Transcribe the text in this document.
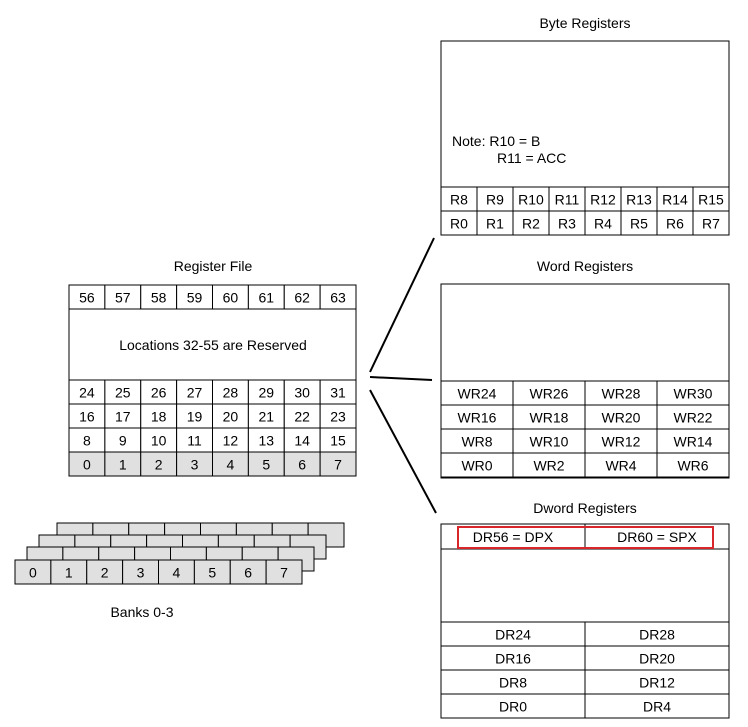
Byte Registers
Note: R10 = B
R11 = ACC
R8 R9 R10 R11 R12 R13 R14 R15
R0 R1 R2 R3 R4 R5 R6 R7
Word Registers
WR24 WR26 WR28 WR30
WR16 WR18 WR20 WR22
WR8	WR10 WR12 WR14
WR0	WR2	WR4	WR6
Dword Registers
DR56 = DPX	DR60 = SPX
DR24	DR28
DR16	DR20
DR8	DR12
DR0	DR4
Register File
56 57 58 59 60 61 62 63
Locations 32-55 are Reserved
24 25 26 27 28 29 30 31
16 17 18 19 20 21 22 23
8 9 10 11 12 13 14 15
0 1 2 3 4 5 6 7
0 1 2 3 4 5 6 7
Banks 0-3
